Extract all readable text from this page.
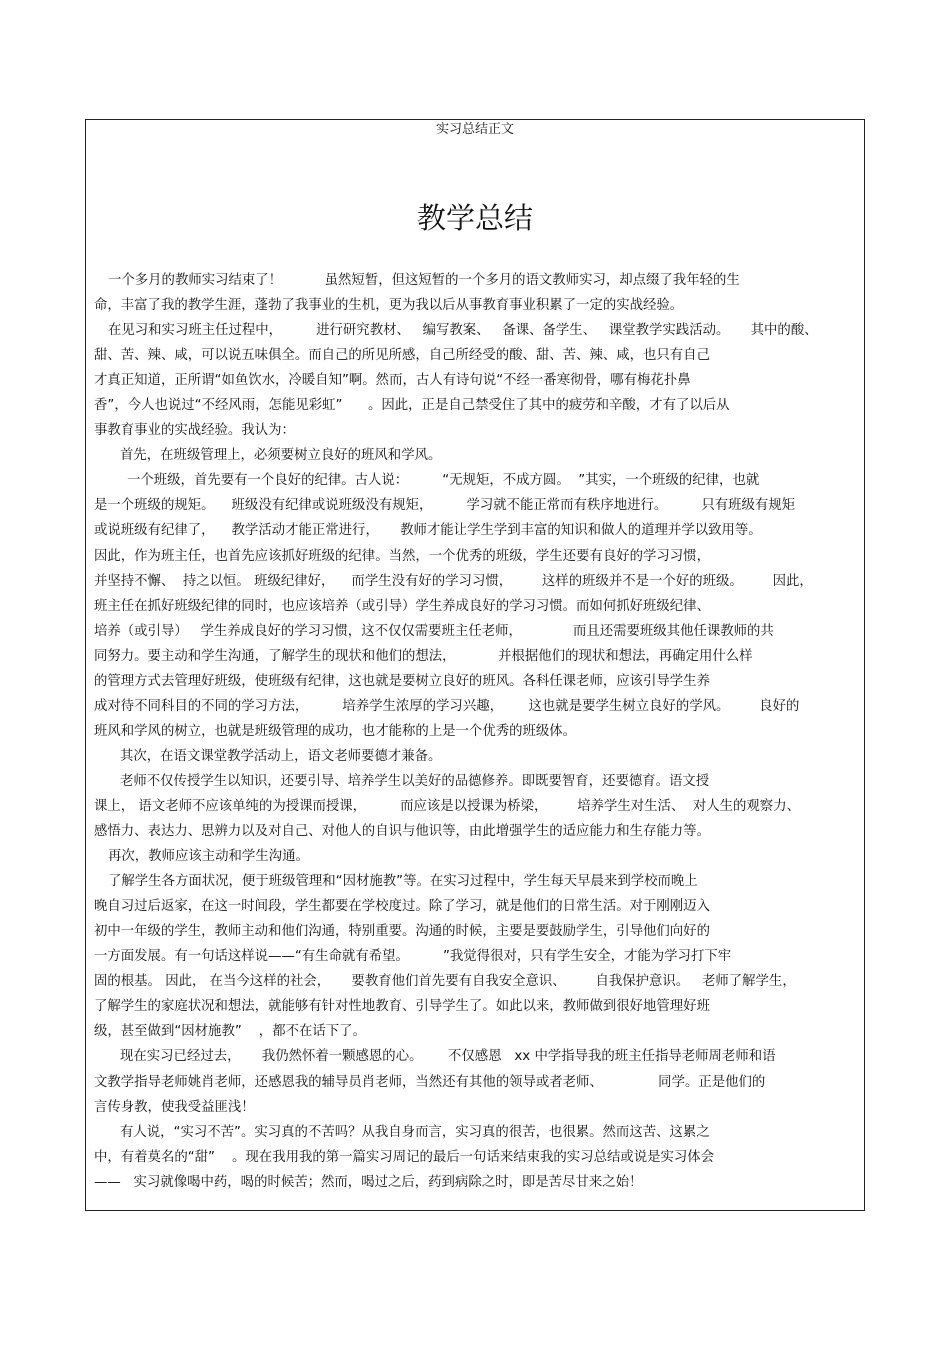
实习总结正文
教学总结
一个多月的教师实习结束了！          虽然短暂，但这短暂的一个多月的语文教师实习，却点缀了我年轻的生
命，丰富了我的教学生涯，蓬勃了我事业的生机，更为我以后从事教育事业积累了一定的实战经验。
在见习和实习班主任过程中，        进行研究教材、   编写教案、   备课、备学生、   课堂教学实践活动。     其中的酸、
甜、苦、辣、咸，可以说五味俱全。而自己的所见所感，自己所经受的酸、甜、苦、辣、咸，也只有自己
才真正知道，正所谓“如鱼饮水，冷暖自知”啊。然而，古人有诗句说“不经一番寒彻骨，哪有梅花扑鼻
香”，今人也说过“不经风雨，怎能见彩虹”      。因此，正是自己禁受住了其中的疲劳和辛酸，才有了以后从
事教育事业的实战经验。我认为：
首先，在班级管理上，必须要树立良好的班风和学风。
一个班级，首先要有一个良好的纪律。古人说：        “无规矩，不成方圆。  ”其实，一个班级的纪律，也就
是一个班级的规矩。    班级没有纪律或说班级没有规矩，        学习就不能正常而有秩序地进行。        只有班级有规矩
或说班级有纪律了，    教学活动才能正常进行，     教师才能让学生学到丰富的知识和做人的道理并学以致用等。
因此，作为班主任，也首先应该抓好班级的纪律。当然，一个优秀的班级，学生还要有良好的学习习惯，
并坚持不懈、  持之以恒。 班级纪律好，    而学生没有好的学习习惯，       这样的班级并不是一个好的班级。       因此，
班主任在抓好班级纪律的同时，也应该培养（或引导）学生养成良好的学习习惯。而如何抓好班级纪律、
培养（或引导）   学生养成良好的学习习惯，这不仅仅需要班主任老师，            而且还需要班级其他任课教师的共
同努力。要主动和学生沟通，了解学生的现状和他们的想法，          并根据他们的现状和想法，再确定用什么样
的管理方式去管理好班级，使班级有纪律，这也就是要树立良好的班风。各科任课老师，应该引导学生养
成对待不同科目的不同的学习方法，        培养学生浓厚的学习兴趣，      这也就是要学生树立良好的学风。       良好的
班风和学风的树立，也就是班级管理的成功，也才能称的上是一个优秀的班级体。
其次，在语文课堂教学活动上，语文老师要德才兼备。
老师不仅传授学生以知识，还要引导、培养学生以美好的品德修养。即既要智育，还要德育。语文授
课上， 语文老师不应该单纯的为授课而授课，        而应该是以授课为桥梁，       培养学生对生活、  对人生的观察力、
感悟力、表达力、思辨力以及对自己、对他人的自识与他识等，由此增强学生的适应能力和生存能力等。
再次，教师应该主动和学生沟通。
了解学生各方面状况，便于班级管理和“因材施教”等。在实习过程中，学生每天早晨来到学校而晚上
晚自习过后返家，在这一时间段，学生都要在学校度过。除了学习，就是他们的日常生活。对于刚刚迈入
初中一年级的学生，教师主动和他们沟通，特别重要。沟通的时候，主要是要鼓励学生，引导他们向好的
一方面发展。有一句话这样说——“有生命就有希望。        ”我觉得很对，只有学生安全，才能为学习打下牢
固的根基。 因此， 在当今这样的社会，     要教育他们首先要有自我安全意识、       自我保护意识。   老师了解学生，
了解学生的家庭状况和想法，就能够有针对性地教育、引导学生了。如此以来，教师做到很好地管理好班
级，甚至做到“因材施教”    ，都不在话下了。
现在实习已经过去，     我仍然怀着一颗感恩的心。      不仅感恩   xx 中学指导我的班主任指导老师周老师和语
文教学指导老师姚肖老师，还感恩我的辅导员肖老师，当然还有其他的领导或者老师、             同学。正是他们的
言传身教，使我受益匪浅！
有人说，“实习不苦”。实习真的不苦吗？从我自身而言，实习真的很苦，也很累。然而这苦、这累之
中，有着莫名的“甜”    。现在我用我的第一篇实习周记的最后一句话来结束我的实习总结或说是实习体会
——   实习就像喝中药，喝的时候苦；然而，喝过之后，药到病除之时，即是苦尽甘来之始！
